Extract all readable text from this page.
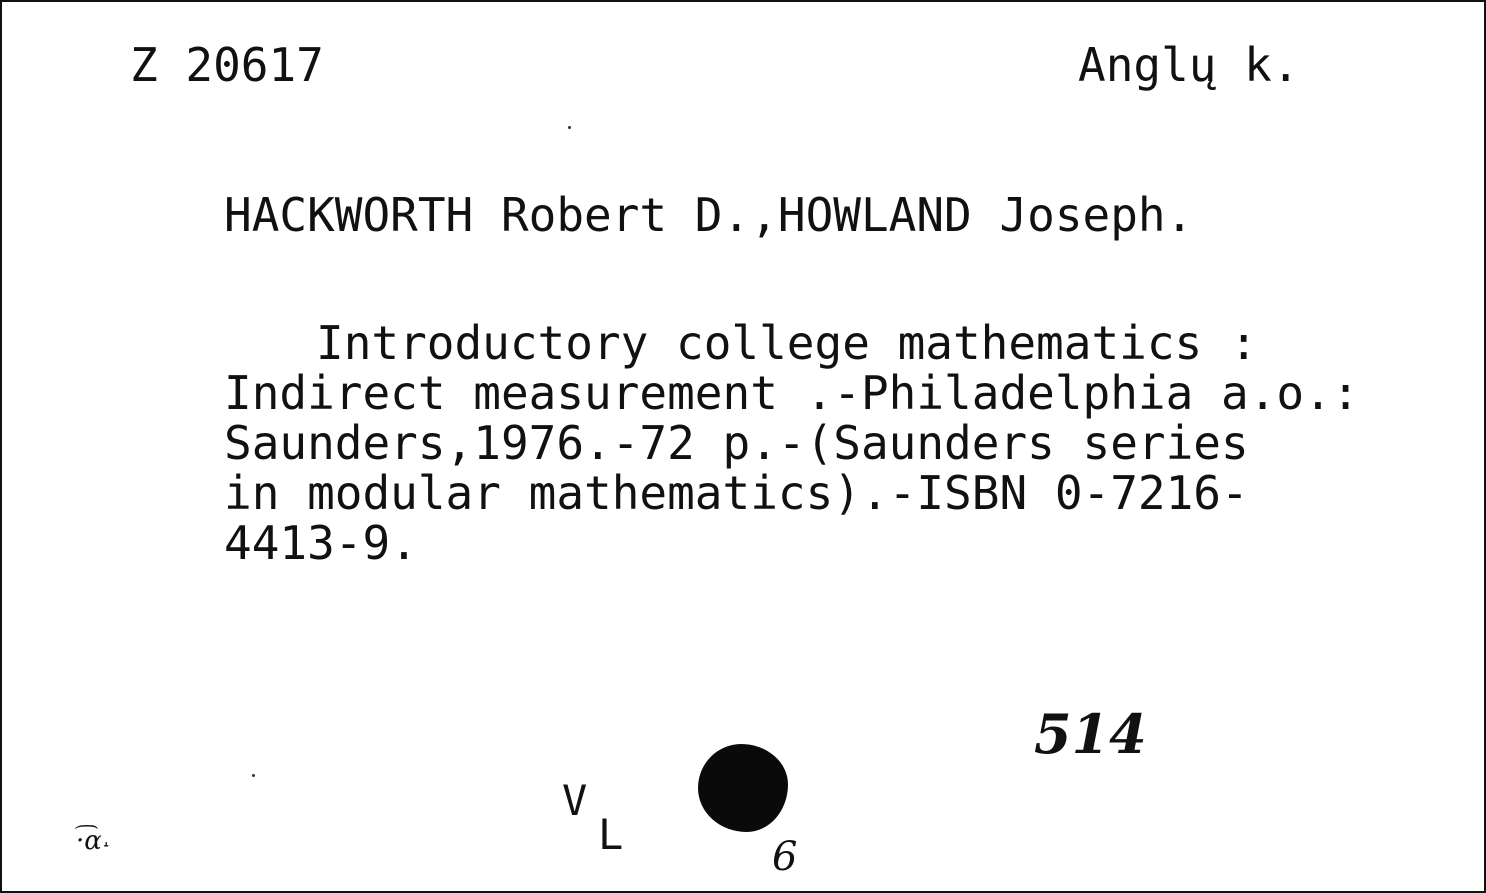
Z 20617	Anglų k.
HACKWORTH Robert D.,HOWLAND Joseph.
Introductory college mathematics :
Indirect measurement .-Philadelphia a.o.:
Saunders,1976.-72 p.-(Saunders series
in modular mathematics).-ISBN 0-7216-
4413-9.
V
L
514
6
·͡α˔
